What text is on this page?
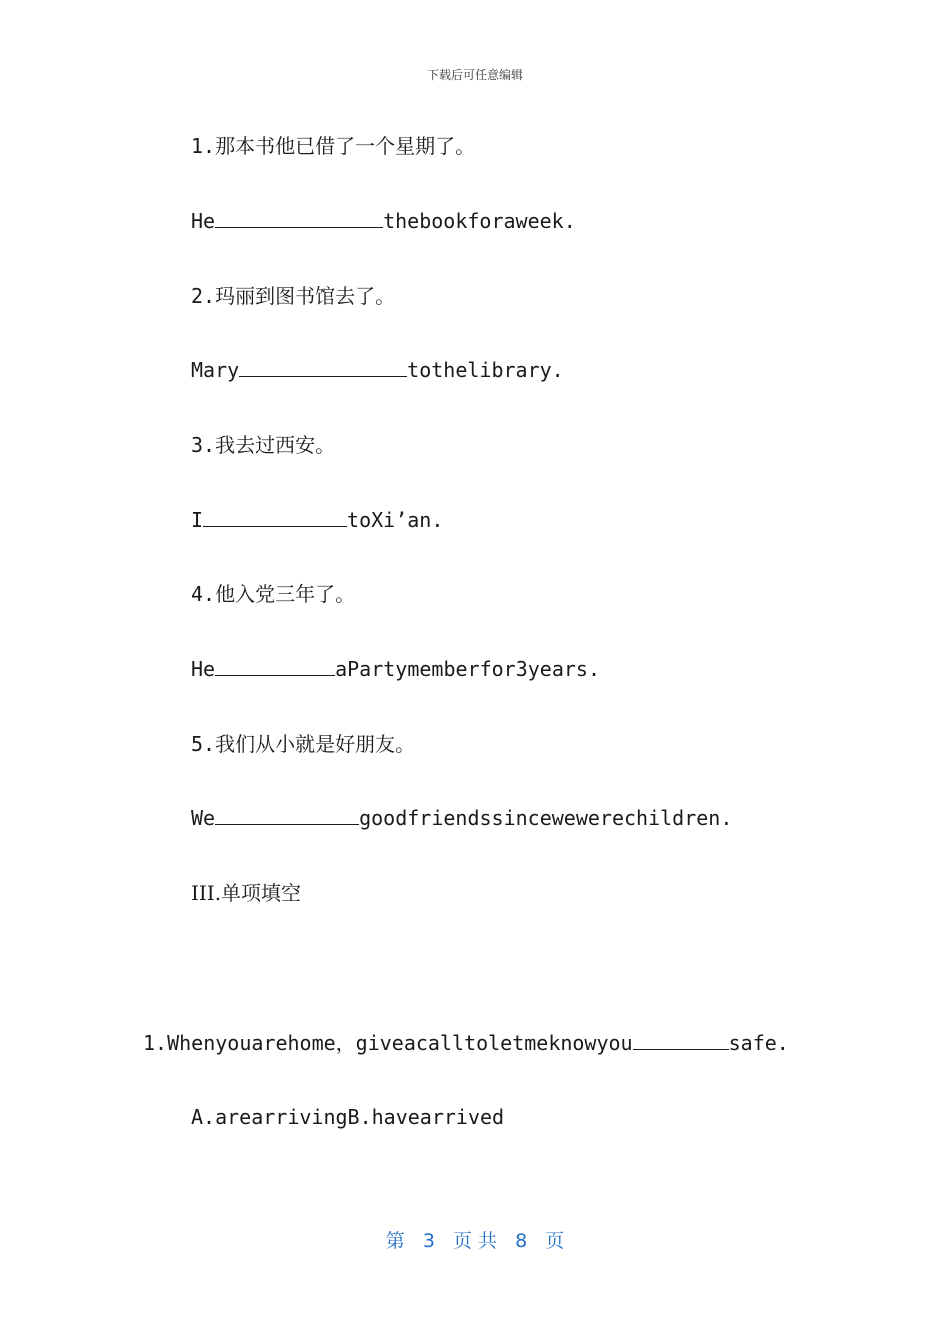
下载后可任意编辑
1.那本书他已借了一个星期了。
He	thebookforaweek.
2.玛丽到图书馆去了。
Mary	tothelibrary.
3.我去过西安。
I	toXi’an.
4.他入党三年了。
He	aPartymemberfor3years.
5.我们从小就是好朋友。
We	goodfriendssincewewerechildren.
III.单项填空
1.Whenyouarehome，giveacalltoletmeknowyou	safe.
A.arearrivingB.havearrived
第 3 页 共 8 页
